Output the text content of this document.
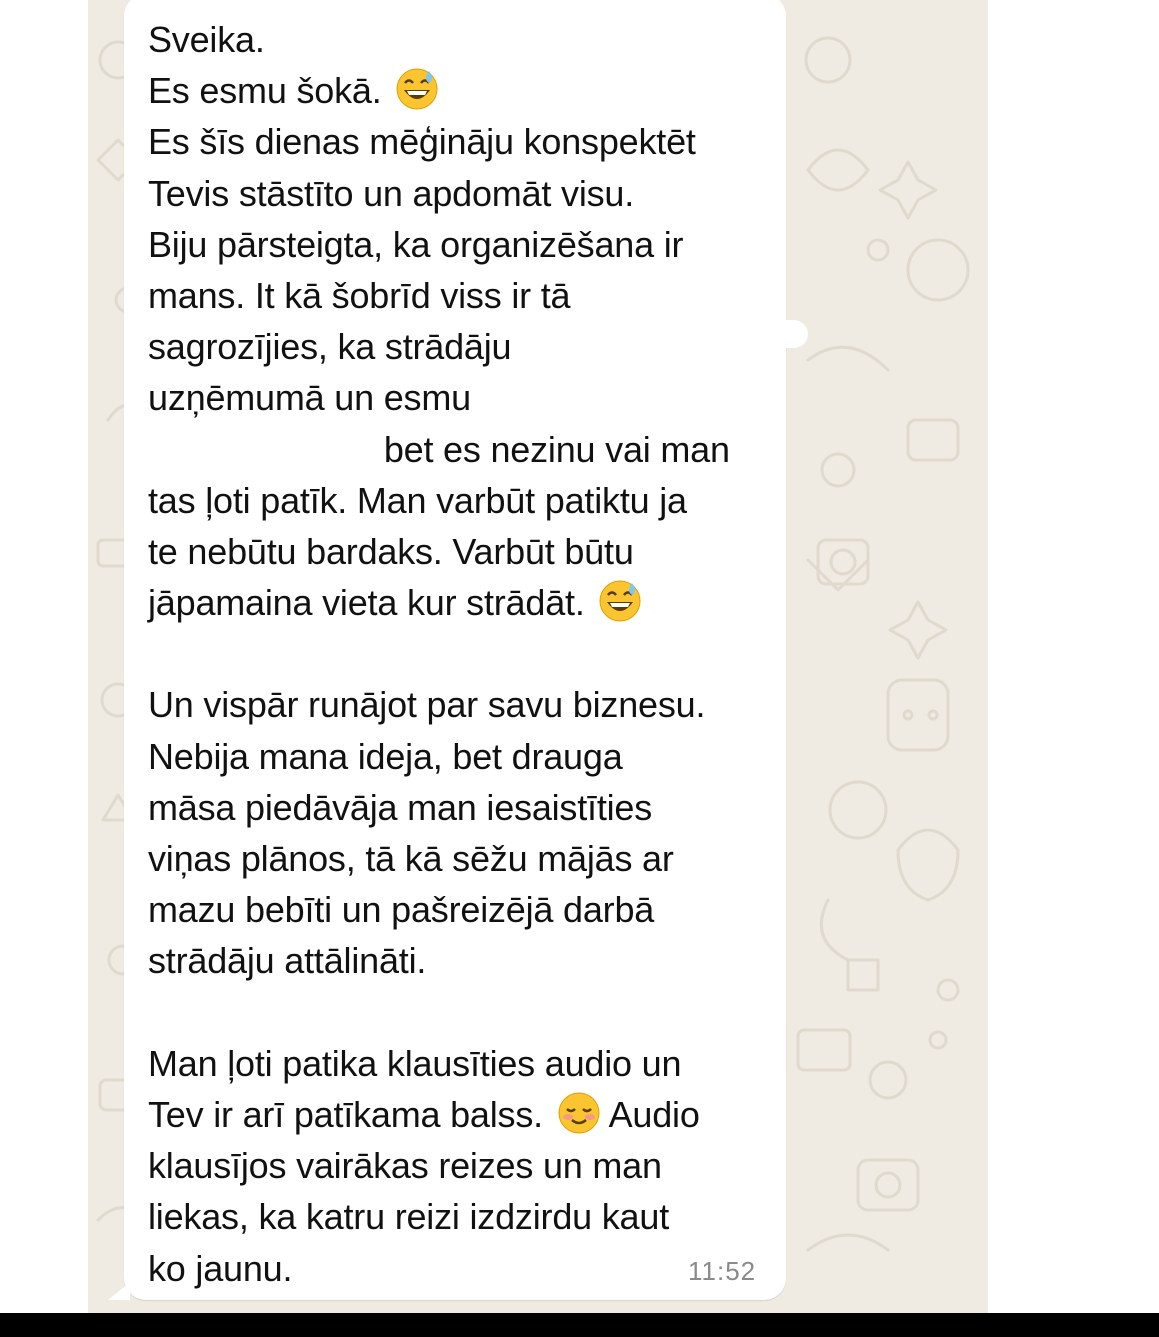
Sveika.
Es esmu šokā.
Es šīs dienas mēģināju konspektēt
Tevis stāstīto un apdomāt visu.
Biju pārsteigta, ka organizēšana ir
mans. It kā šobrīd viss ir tā
sagrozījies, ka strādāju
uzņēmumā un esmu
bet es nezinu vai man
tas ļoti patīk. Man varbūt patiktu ja
te nebūtu bardaks. Varbūt būtu
jāpamaina vieta kur strādāt.
Un vispār runājot par savu biznesu.
Nebija mana ideja, bet drauga
māsa piedāvāja man iesaistīties
viņas plānos, tā kā sēžu mājās ar
mazu bebīti un pašreizējā darbā
strādāju attālināti.
Man ļoti patika klausīties audio un
Tev ir arī patīkama balss. Audio
klausījos vairākas reizes un man
liekas, ka katru reizi izdzirdu kaut
ko jaunu.	11:52
